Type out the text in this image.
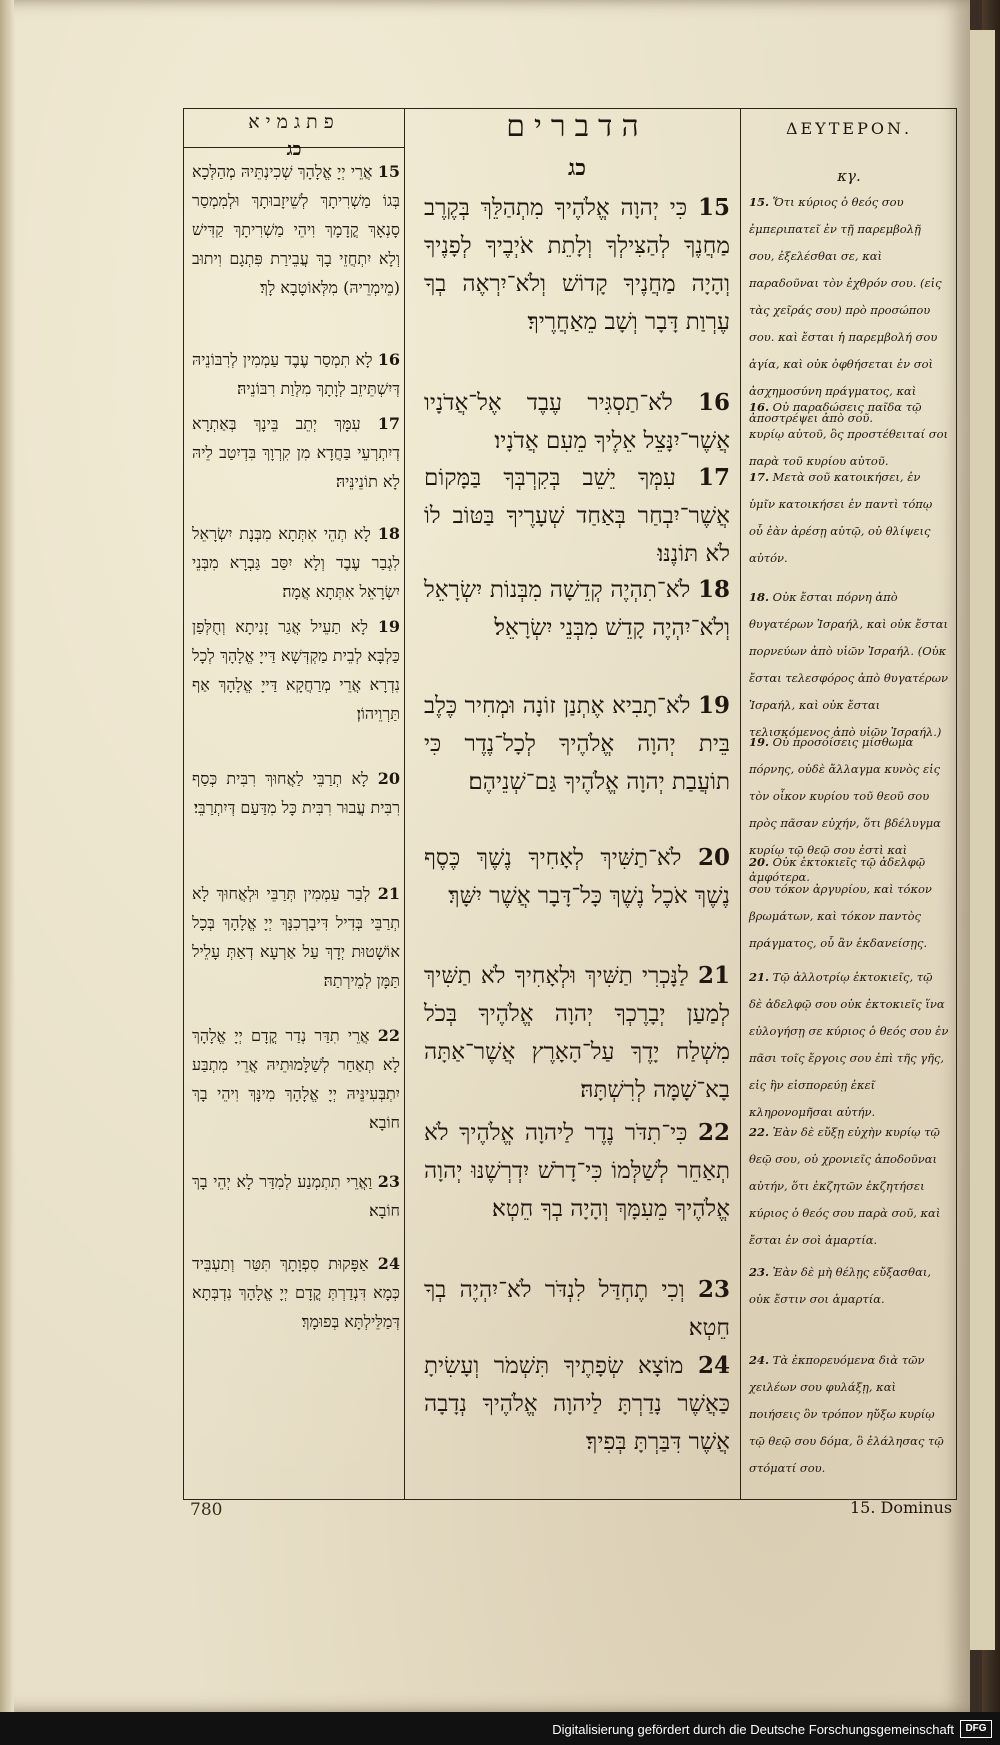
פתגמיא	הדברים	ΔΕΥΤΕΡΟΝ.
כג
כג	κγ.
15 אֲרֵי יְיָ אֱלָהָךְ שְׁכִינְתֵּיהּ מְהַלְּכָא בְּגוֹ מַשְׁרִיתָךְ לְשֵׁיזָבוּתָךְ וּלְמִמְסַר סָנְאָךְ קֳדָמָךְ וִיהֵי מַשְׁרִיתָךְ קַדִּישׁ וְלָא יִתְחֲזֵי בָךְ עֲבֵירַת פִּתְגָם וִיתוּב (מֵימְרֵיהּ) מִלְּאוֹטָבָא לָךְ׃
16 לָא תִמְסַר עֶבֶד עַמְמִין לְרִבּוֹנֵיהּ דְּיִשְׁתֵּיזֵב לְוָתָךְ מִלְּוַת רִבּוֹנֵיהּ׃
17 עִמָּךְ יְתֵב בֵּינָךְ בְּאַתְרָא דְיִתְרְעֵי בַּחֲדָא מִן קִרְוָךְ בִּדְיִטַב לֵיהּ לָא תוֹנֵינֵּיהּ׃
18 לָא תְהֵי אִתְּתָא מִבְּנָת יִשְׂרָאֵל לִגְבַר עֶבֶד וְלָא יִסַּב גַּבְרָא מִבְּנֵי יִשְׂרָאֵל אִתְּתָא אֲמָה׃
19 לָא תַעֵיל אֲגַר זָנִיתָא וְחֻלְּפַן כַּלְבָּא לְבֵית מַקְדְּשָׁא דַּייָ אֱלָהָךְ לְכָל נִדְרָא אֲרֵי מְרַחֲקָא דַּייָ אֱלָהָךְ אַף תַּרְוֵיהוֹן׃
20 לָא תְרַבֵּי לַאֲחוּךְ רִבִּית כְּסַף רִבִּית עֲבוּר רִבִּית כָּל מִדַּעַם דְּיִתְרַבֵּי׃
21 לְבַר עַמְמִין תְּרַבֵּי וּלְאֲחוּךְ לָא תְרַבֵּי בְּדִיל דִּיבָרְכִנָּךְ יְיָ אֱלָהָךְ בְּכָל אוֹשָׁטוּת יְדָךְ עַל אַרְעָא דְאַתְּ עָלֵיל תַּמָּן לְמֵירְתַהּ׃
22 אֲרֵי תִדַּר נְדַר קֳדָם יְיָ אֱלָהָךְ לָא תְאַחַר לְשַׁלָּמוּתֵיהּ אֲרֵי מִתְבַּע יִתְבְּעִינֵּיהּ יְיָ אֱלָהָךְ מִינָּךְ וִיהֵי בָךְ חוֹבָא׃
23 וַאֲרֵי תִתְמְנַע לְמִדַּר לָא יְהֵי בָךְ חוֹבָא׃
24 אַפָּקוּת סִפְוָתָךְ תִּטַּר וְתַעְבֵּיד כְּמָא דִּנְדַרְתְּ קֳדָם יְיָ אֱלָהָךְ נִדְבְּתָא דְּמַלֵּילְתָּא בְּפוּמָךְ׃
15 כִּי יְהוָה אֱלֹהֶיךָ מִתְהַלֵּךְ בְּקֶרֶב מַחֲנֶךָ לְהַצִּילְךָ וְלָתֵת אֹיְבֶיךָ לְפָנֶיךָ וְהָיָה מַחֲנֶיךָ קָדוֹשׁ וְלֹא־יִרְאֶה בְךָ עֶרְוַת דָּבָר וְשָׁב מֵאַחֲרֶיךָ׃
16 לֹא־תַסְגִּיר עֶבֶד אֶל־אֲדֹנָיו אֲשֶׁר־יִנָּצֵל אֵלֶיךָ מֵעִם אֲדֹנָיו׃
17 עִמְּךָ יֵשֵׁב בְּקִרְבְּךָ בַּמָּקוֹם אֲשֶׁר־יִבְחַר בְּאַחַד שְׁעָרֶיךָ בַּטּוֹב לוֹ לֹא תּוֹנֶנּוּ׃
18 לֹא־תִהְיֶה קְדֵשָׁה מִבְּנוֹת יִשְׂרָאֵל וְלֹא־יִהְיֶה קָדֵשׁ מִבְּנֵי יִשְׂרָאֵל׃
19 לֹא־תָבִיא אֶתְנַן זוֹנָה וּמְחִיר כֶּלֶב בֵּית יְהוָה אֱלֹהֶיךָ לְכָל־נֶדֶר כִּי תוֹעֲבַת יְהוָה אֱלֹהֶיךָ גַּם־שְׁנֵיהֶם׃
20 לֹא־תַשִּׁיךְ לְאָחִיךָ נֶשֶׁךְ כֶּסֶף נֶשֶׁךְ אֹכֶל נֶשֶׁךְ כָּל־דָּבָר אֲשֶׁר יִשָּׁךְ׃
21 לַנָּכְרִי תַשִּׁיךְ וּלְאָחִיךָ לֹא תַשִּׁיךְ לְמַעַן יְבָרֶכְךָ יְהוָה אֱלֹהֶיךָ בְּכֹל מִשְׁלַח יָדֶךָ עַל־הָאָרֶץ אֲשֶׁר־אַתָּה בָא־שָׁמָּה לְרִשְׁתָּהּ׃
22 כִּי־תִדֹּר נֶדֶר לַיהוָה אֱלֹהֶיךָ לֹא תְאַחֵר לְשַׁלְּמוֹ כִּי־דָרֹשׁ יִדְרְשֶׁנּוּ יְהוָה אֱלֹהֶיךָ מֵעִמָּךְ וְהָיָה בְךָ חֵטְא׃
23 וְכִי תֶחְדַּל לִנְדֹּר לֹא־יִהְיֶה בְךָ חֵטְא׃
24 מוֹצָא שְׂפָתֶיךָ תִּשְׁמֹר וְעָשִׂיתָ כַּאֲשֶׁר נָדַרְתָּ לַיהוָה אֱלֹהֶיךָ נְדָבָה אֲשֶׁר דִּבַּרְתָּ בְּפִיךָ׃
15. Ὅτι κύριος ὁ θεός σου ἐμπεριπατεῖ ἐν τῇ παρεμβολῇ σου, ἐξελέσθαι σε, καὶ παραδοῦναι τὸν ἐχθρόν σου. (εἰς τὰς χεῖράς σου) πρὸ προσώπου σου. καὶ ἔσται ἡ παρεμβολή σου ἁγία, καὶ οὐκ ὀφθήσεται ἐν σοὶ ἀσχημοσύνη πράγματος, καὶ ἀποστρέψει ἀπὸ σοῦ.
16. Οὐ παραδώσεις παῖδα τῷ κυρίῳ αὐτοῦ, ὃς προστέθειταί σοι παρὰ τοῦ κυρίου αὐτοῦ.
17. Μετὰ σοῦ κατοικήσει, ἐν ὑμῖν κατοικήσει ἐν παντὶ τόπῳ οὗ ἐὰν ἀρέσῃ αὐτῷ, οὐ θλίψεις αὐτόν.
18. Οὐκ ἔσται πόρνη ἀπὸ θυγατέρων Ἰσραήλ, καὶ οὐκ ἔσται πορνεύων ἀπὸ υἱῶν Ἰσραήλ. (Οὐκ ἔσται τελεσφόρος ἀπὸ θυγατέρων Ἰσραήλ, καὶ οὐκ ἔσται τελισκόμενος ἀπὸ υἱῶν Ἰσραήλ.)
19. Οὐ προσοίσεις μίσθωμα πόρνης, οὐδὲ ἄλλαγμα κυνὸς εἰς τὸν οἶκον κυρίου τοῦ θεοῦ σου πρὸς πᾶσαν εὐχήν, ὅτι βδέλυγμα κυρίῳ τῷ θεῷ σου ἐστὶ καὶ ἀμφότερα.
20. Οὐκ ἐκτοκιεῖς τῷ ἀδελφῷ σου τόκον ἀργυρίου, καὶ τόκον βρωμάτων, καὶ τόκον παντὸς πράγματος, οὗ ἂν ἐκδανείσῃς.
21. Τῷ ἀλλοτρίῳ ἐκτοκιεῖς, τῷ δὲ ἀδελφῷ σου οὐκ ἐκτοκιεῖς ἵνα εὐλογήσῃ σε κύριος ὁ θεός σου ἐν πᾶσι τοῖς ἔργοις σου ἐπὶ τῆς γῆς, εἰς ἣν εἰσπορεύῃ ἐκεῖ κληρονομῆσαι αὐτήν.
22. Ἐὰν δὲ εὔξῃ εὐχὴν κυρίῳ τῷ θεῷ σου, οὐ χρονιεῖς ἀποδοῦναι αὐτήν, ὅτι ἐκζητῶν ἐκζητήσει κύριος ὁ θεός σου παρὰ σοῦ, καὶ ἔσται ἐν σοὶ ἁμαρτία.
23. Ἐὰν δὲ μὴ θέλῃς εὔξασθαι, οὐκ ἔστιν σοι ἁμαρτία.
24. Τὰ ἐκπορευόμενα διὰ τῶν χειλέων σου φυλάξῃ, καὶ ποιήσεις ὃν τρόπον ηὔξω κυρίῳ τῷ θεῷ σου δόμα, ὃ ἐλάλησας τῷ στόματί σου.
780	15. Dominus
Digitalisierung gefördert durch die Deutsche Forschungsgemeinschaft	DFG
